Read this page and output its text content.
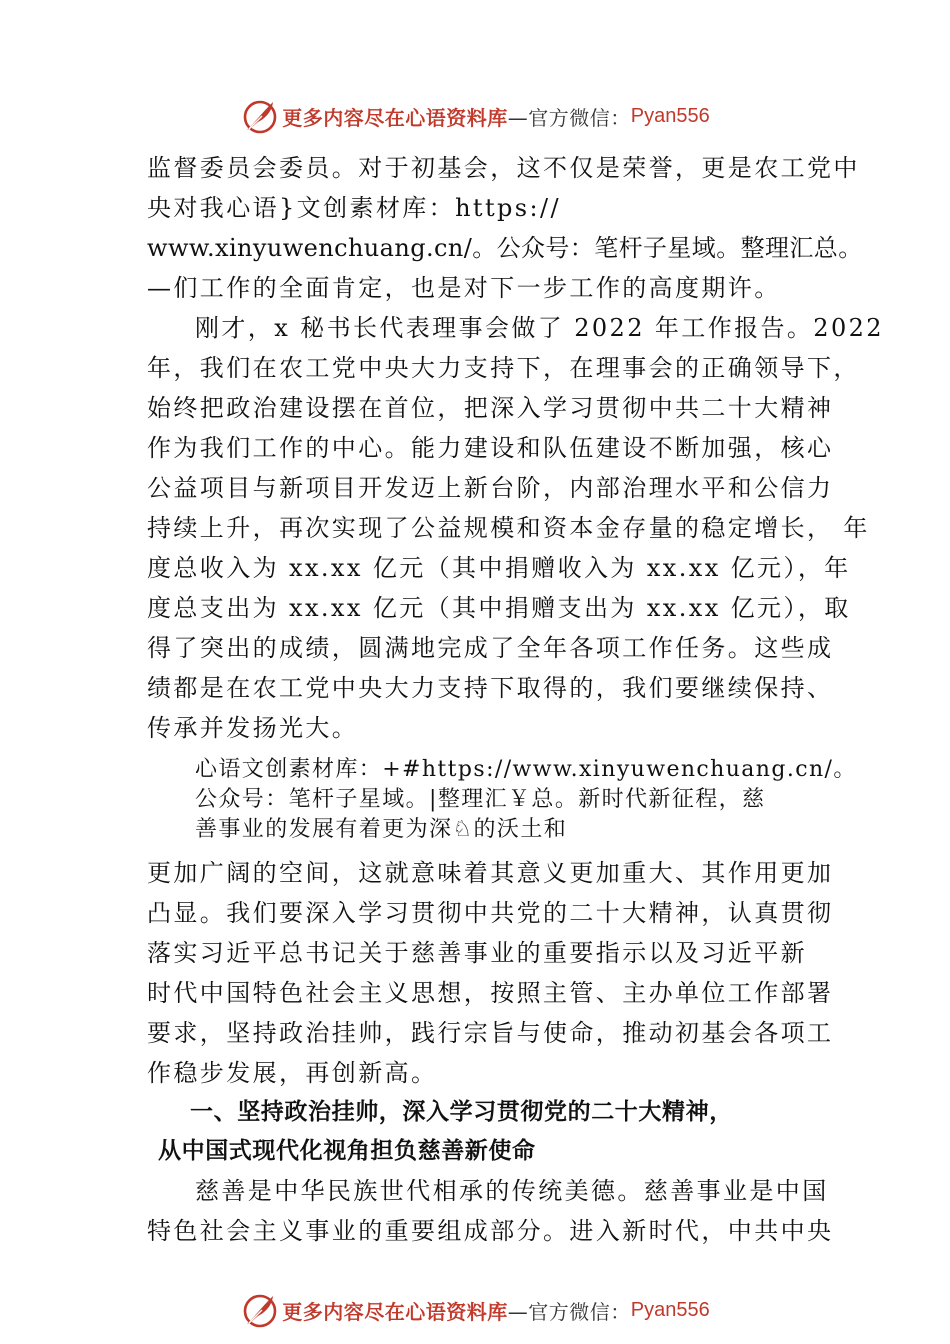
更多内容尽在心语资料库 —官方微信： Pyan556
监督委员会委员。对于初基会，这不仅是荣誉，更是农工党中
央对我心语}文创素材库：https://
www.xinyuwenchuang.cn/。公众号：笔杆子星域。整理汇总。
—们工作的全面肯定，也是对下一步工作的高度期许。
刚才，x 秘书长代表理事会做了 2022 年工作报告。2022
年，我们在农工党中央大力支持下，在理事会的正确领导下，
始终把政治建设摆在首位，把深入学习贯彻中共二十大精神
作为我们工作的中心。能力建设和队伍建设不断加强，核心
公益项目与新项目开发迈上新台阶，内部治理水平和公信力
持续上升，再次实现了公益规模和资本金存量的稳定增长， 年
度总收入为 xx.xx 亿元（其中捐赠收入为 xx.xx 亿元），年
度总支出为 xx.xx 亿元（其中捐赠支出为 xx.xx 亿元），取
得了突出的成绩，圆满地完成了全年各项工作任务。这些成
绩都是在农工党中央大力支持下取得的，我们要继续保持、
传承并发扬光大。
心语文创素材库：+#https://www.xinyuwenchuang.cn/。
公众号：笔杆子星域。|整理汇￥总。新时代新征程，慈
善事业的发展有着更为深♘的沃土和
更加广阔的空间，这就意味着其意义更加重大、其作用更加
凸显。我们要深入学习贯彻中共党的二十大精神，认真贯彻
落实习近平总书记关于慈善事业的重要指示以及习近平新
时代中国特色社会主义思想，按照主管、主办单位工作部署
要求，坚持政治挂帅，践行宗旨与使命，推动初基会各项工
作稳步发展，再创新高。
一、坚持政治挂帅，深入学习贯彻党的二十大精神，
从中国式现代化视角担负慈善新使命
慈善是中华民族世代相承的传统美德。慈善事业是中国
特色社会主义事业的重要组成部分。进入新时代，中共中央
更多内容尽在心语资料库 —官方微信： Pyan556
